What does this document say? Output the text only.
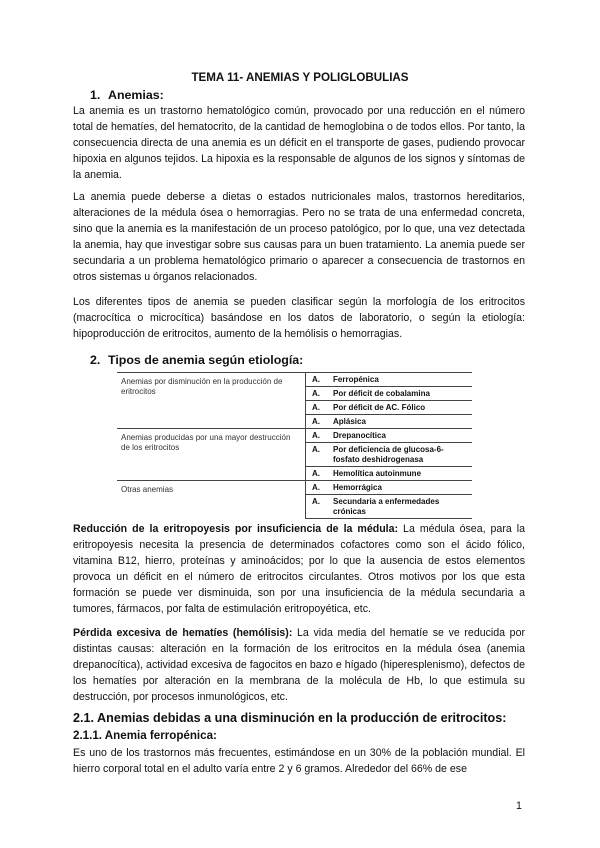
TEMA 11- ANEMIAS Y POLIGLOBULIAS
1. Anemias:

La anemia es un trastorno hematológico común, provocado por una reducción en el número total de hematíes, del hematocrito, de la cantidad de hemoglobina o de todos ellos. Por tanto, la consecuencia directa de una anemia es un déficit en el transporte de gases, pudiendo provocar hipoxia en algunos tejidos. La hipoxia es la responsable de algunos de los signos y síntomas de la anemia.

La anemia puede deberse a dietas o estados nutricionales malos, trastornos hereditarios, alteraciones de la médula ósea o hemorragias. Pero no se trata de una enfermedad concreta, sino que la anemia es la manifestación de un proceso patológico, por lo que, una vez detectada la anemia, hay que investigar sobre sus causas para un buen tratamiento. La anemia puede ser secundaria a un problema hematológico primario o aparecer a consecuencia de trastornos en otros sistemas u órganos relacionados.

Los diferentes tipos de anemia se pueden clasificar según la morfología de los eritrocitos (macrocítica o microcítica) basándose en los datos de laboratorio, o según la etiología: hipoproducción de eritrocitos, aumento de la hemólisis o hemorragias.

2. Tipos de anemia según etiología:
Anemias por disminución en la producción de eritrocitos	A. Ferropénica
	A. Por déficit de cobalamina
	A. Por déficit de AC. Fólico
	A. Aplásica
Anemias producidas por una mayor destrucción de los eritrocitos	A. Drepanocítica
	A. Por deficiencia de glucosa-6-fosfato deshidrogenasa
	A. Hemolítica autoinmune
Otras anemias	A. Hemorrágica
	A. Secundaria a enfermedades crónicas

Reducción de la eritropoyesis por insuficiencia de la médula: La médula ósea, para la eritropoyesis necesita la presencia de determinados cofactores como son el ácido fólico, vitamina B12, hierro, proteínas y aminoácidos; por lo que la ausencia de estos elementos provoca un déficit en el número de eritrocitos circulantes. Otros motivos por los que esta formación se puede ver disminuida, son por una insuficiencia de la médula secundaria a tumores, fármacos, por falta de estimulación eritropoyética, etc.

Pérdida excesiva de hematíes (hemólisis): La vida media del hematíe se ve reducida por distintas causas: alteración en la formación de los eritrocitos en la médula ósea (anemia drepanocítica), actividad excesiva de fagocitos en bazo e hígado (hiperesplenismo), defectos de los hematíes por alteración en la membrana de la molécula de Hb, lo que estimula su destrucción, por procesos inmunológicos, etc.

2.1. Anemias debidas a una disminución en la producción de eritrocitos:
2.1.1. Anemia ferropénica:

Es uno de los trastornos más frecuentes, estimándose en un 30% de la población mundial. El hierro corporal total en el adulto varía entre 2 y 6 gramos. Alrededor del 66% de ese

1
